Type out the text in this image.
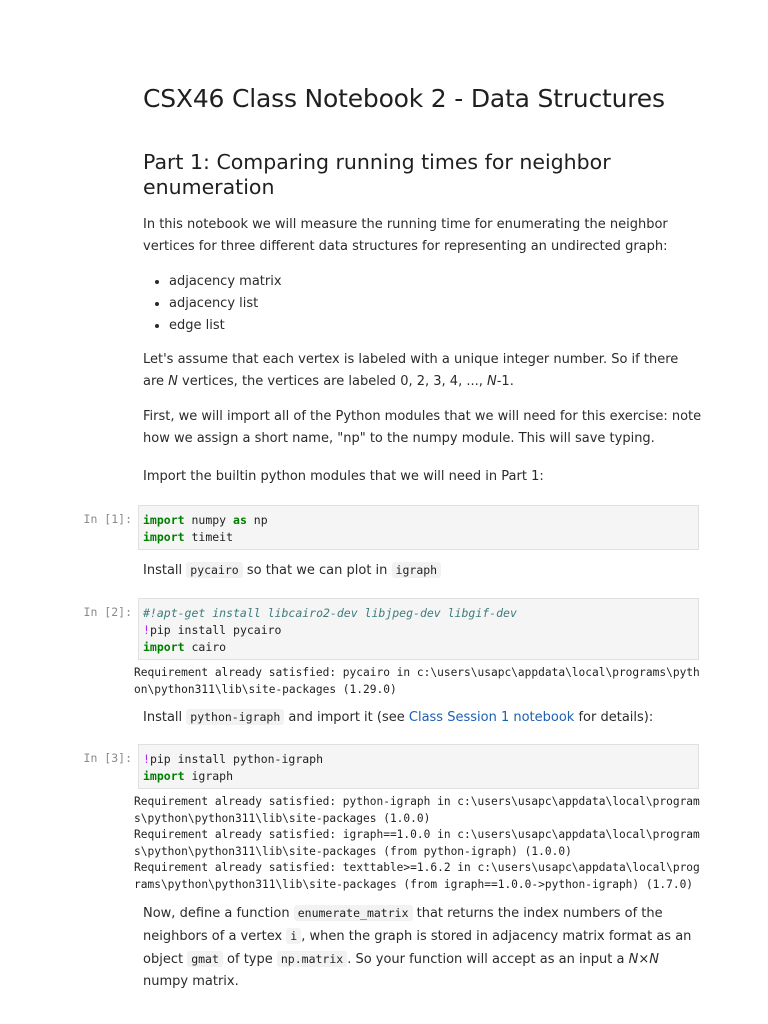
CSX46 Class Notebook 2 - Data Structures
Part 1: Comparing running times for neighbor enumeration
In this notebook we will measure the running time for enumerating the neighbor vertices for three different data structures for representing an undirected graph:
• adjacency matrix
• adjacency list
• edge list
Let's assume that each vertex is labeled with a unique integer number. So if there are N vertices, the vertices are labeled 0, 2, 3, 4, ..., N-1.
First, we will import all of the Python modules that we will need for this exercise: note how we assign a short name, "np" to the numpy module. This will save typing.
Import the builtin python modules that we will need in Part 1:
In [1]: import numpy as np
import timeit
Install pycairo so that we can plot in igraph
In [2]: #!apt-get install libcairo2-dev libjpeg-dev libgif-dev
!pip install pycairo
import cairo
Requirement already satisfied: pycairo in c:\users\usapc\appdata\local\programs\pyth
on\python311\lib\site-packages (1.29.0)
Install python-igraph and import it (see Class Session 1 notebook for details):
In [3]: !pip install python-igraph
import igraph
Requirement already satisfied: python-igraph in c:\users\usapc\appdata\local\program
s\python\python311\lib\site-packages (1.0.0)
Requirement already satisfied: igraph==1.0.0 in c:\users\usapc\appdata\local\program
s\python\python311\lib\site-packages (from python-igraph) (1.0.0)
Requirement already satisfied: texttable>=1.6.2 in c:\users\usapc\appdata\local\prog
rams\python\python311\lib\site-packages (from igraph==1.0.0->python-igraph) (1.7.0)
Now, define a function enumerate_matrix that returns the index numbers of the neighbors of a vertex i , when the graph is stored in adjacency matrix format as an object gmat of type np.matrix . So your function will accept as an input a N×N numpy matrix.
